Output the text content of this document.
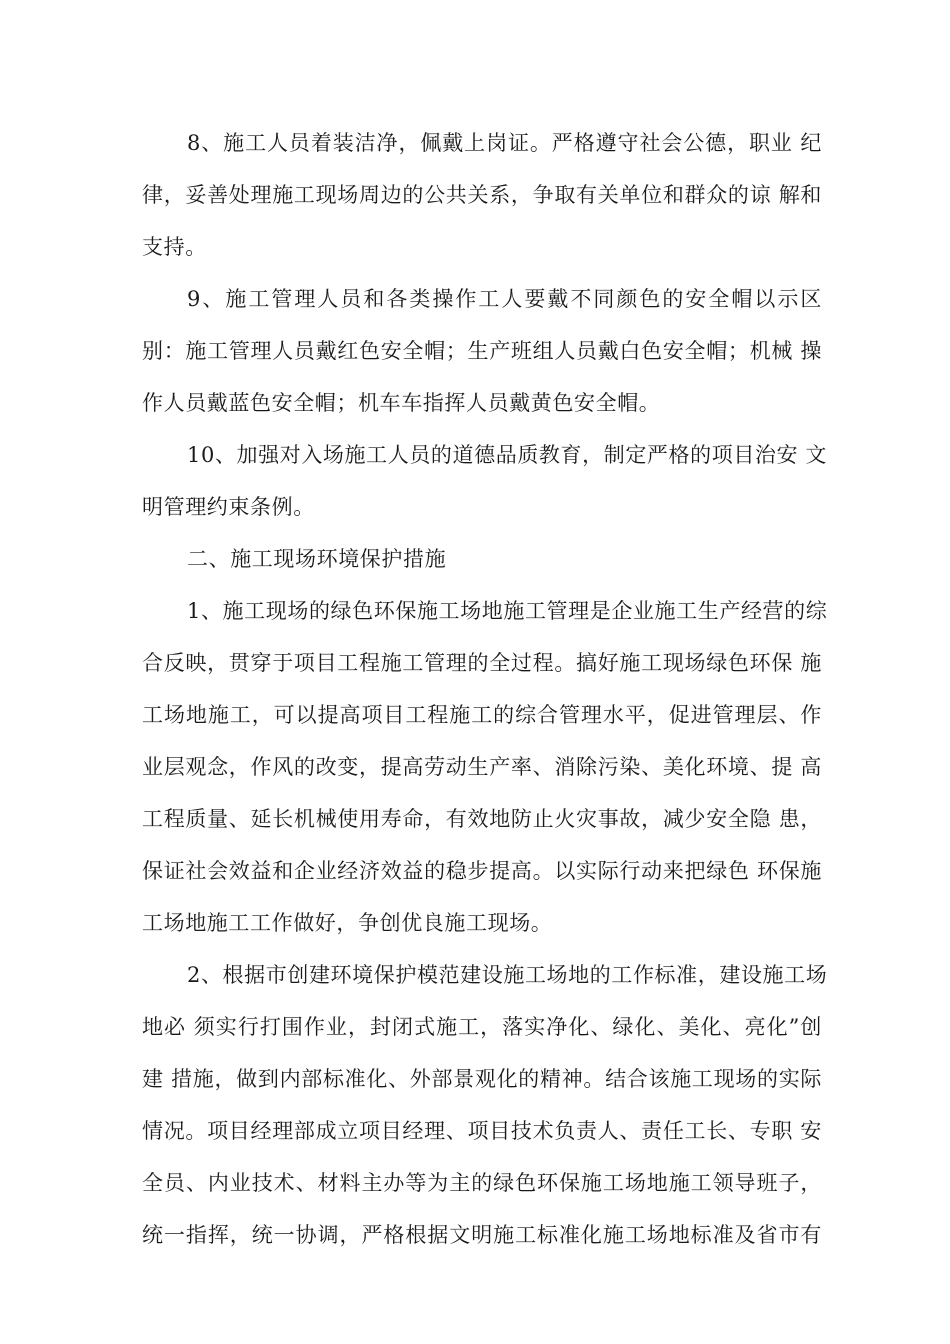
8、施工人员着装洁净，佩戴上岗证。严格遵守社会公德，职业 纪
律，妥善处理施工现场周边的公共关系，争取有关单位和群众的谅 解和
支持。
9、施工管理人员和各类操作工人要戴不同颜色的安全帽以示区
别：施工管理人员戴红色安全帽；生产班组人员戴白色安全帽；机械 操
作人员戴蓝色安全帽；机车车指挥人员戴黄色安全帽。
10、加强对入场施工人员的道德品质教育，制定严格的项目治安 文
明管理约束条例。
二、施工现场环境保护措施
1、施工现场的绿色环保施工场地施工管理是企业施工生产经营的综
合反映，贯穿于项目工程施工管理的全过程。搞好施工现场绿色环保 施
工场地施工，可以提高项目工程施工的综合管理水平，促进管理层、作
业层观念，作风的改变，提高劳动生产率、消除污染、美化环境、提 高
工程质量、延长机械使用寿命，有效地防止火灾事故，减少安全隐 患，
保证社会效益和企业经济效益的稳步提高。以实际行动来把绿色 环保施
工场地施工工作做好，争创优良施工现场。
2、根据市创建环境保护模范建设施工场地的工作标准，建设施工场
地必 须实行打围作业，封闭式施工，落实净化、绿化、美化、亮化”创
建 措施，做到内部标准化、外部景观化的精神。结合该施工现场的实际
情况。项目经理部成立项目经理、项目技术负责人、责任工长、专职 安
全员、内业技术、材料主办等为主的绿色环保施工场地施工领导班子，
统一指挥，统一协调，严格根据文明施工标准化施工场地标准及省市有
